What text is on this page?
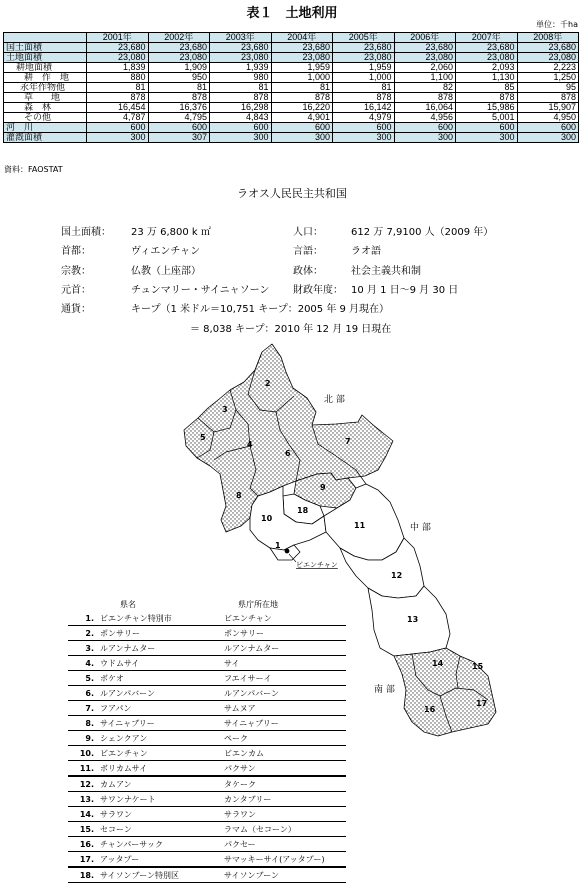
表１　土地利用
単位：千ha
	2001年	2002年	2003年	2004年	2005年	2006年	2007年	2008年
国土面積	23,680	23,680	23,680	23,680	23,680	23,680	23,680	23,680
土地面積	23,080	23,080	23,080	23,080	23,080	23,080	23,080	23,080
耕地面積	1,839	1,909	1,939	1,959	1,959	2,060	2,093	2,223
耕　作　地	880	950	980	1,000	1,000	1,100	1,130	1,250
永年作物他	81	81	81	81	81	82	85	95
草　　地	878	878	878	878	878	878	878	878
森　林	16,454	16,376	16,298	16,220	16,142	16,064	15,986	15,907
その他	4,787	4,795	4,843	4,901	4,979	4,956	5,001	4,950
河　川	600	600	600	600	600	600	600	600
灌漑面積	300	307	300	300	300	300	300	300
資料：FAOSTAT
ラオス人民民主共和国
国土面積： 23 万 6,800 k ㎡	人口：	612 万 7,9100 人（2009 年）
首都：	ヴィエンチャン	言語：	ラオ語
宗教：	仏教（上座部）	政体：	社会主義共和制
元首：	チュンマリー・サイニャソーン 財政年度： 10 月 1 日～9 月 30 日
通貨：	キープ（1 米ドル＝10,751 キープ：2005 年 9 月現在）
＝ 8,038 キープ：2010 年 12 月 19 日現在
北 部
中 部
南 部
ビエンチャン
1
2
3
4
5
6
7
8
9
10
11
12
13
14	15
16
17
18
	県名	県庁所在地
1.	ビエンチャン特別市	ビエンチャン
2.	ポンサリー	ポンサリー
3.	ルアンナムター	ルアンナムター
4.	ウドムサイ	サイ
5.	ボケオ	フエイサーイ
6.	ルアンパバーン	ルアンパバーン
7.	フアパン	サムヌア
8.	サイニャブリー	サイニャブリー
9.	シェンクアン	ペーク
10.	ビエンチャン	ビエンカム
11.	ボリカムサイ	パクサン
12.	カムアン	タケーク
13.	サワンナケート	カンタブリー
14.	サラワン	サラワン
15.	セコーン	ラマム（セコーン）
16.	チャンパーサック	パクセー
17.	アッタプー	サマッキーサイ(アッタプー)
18.	サイソンブーン特別区	サイソンブーン
